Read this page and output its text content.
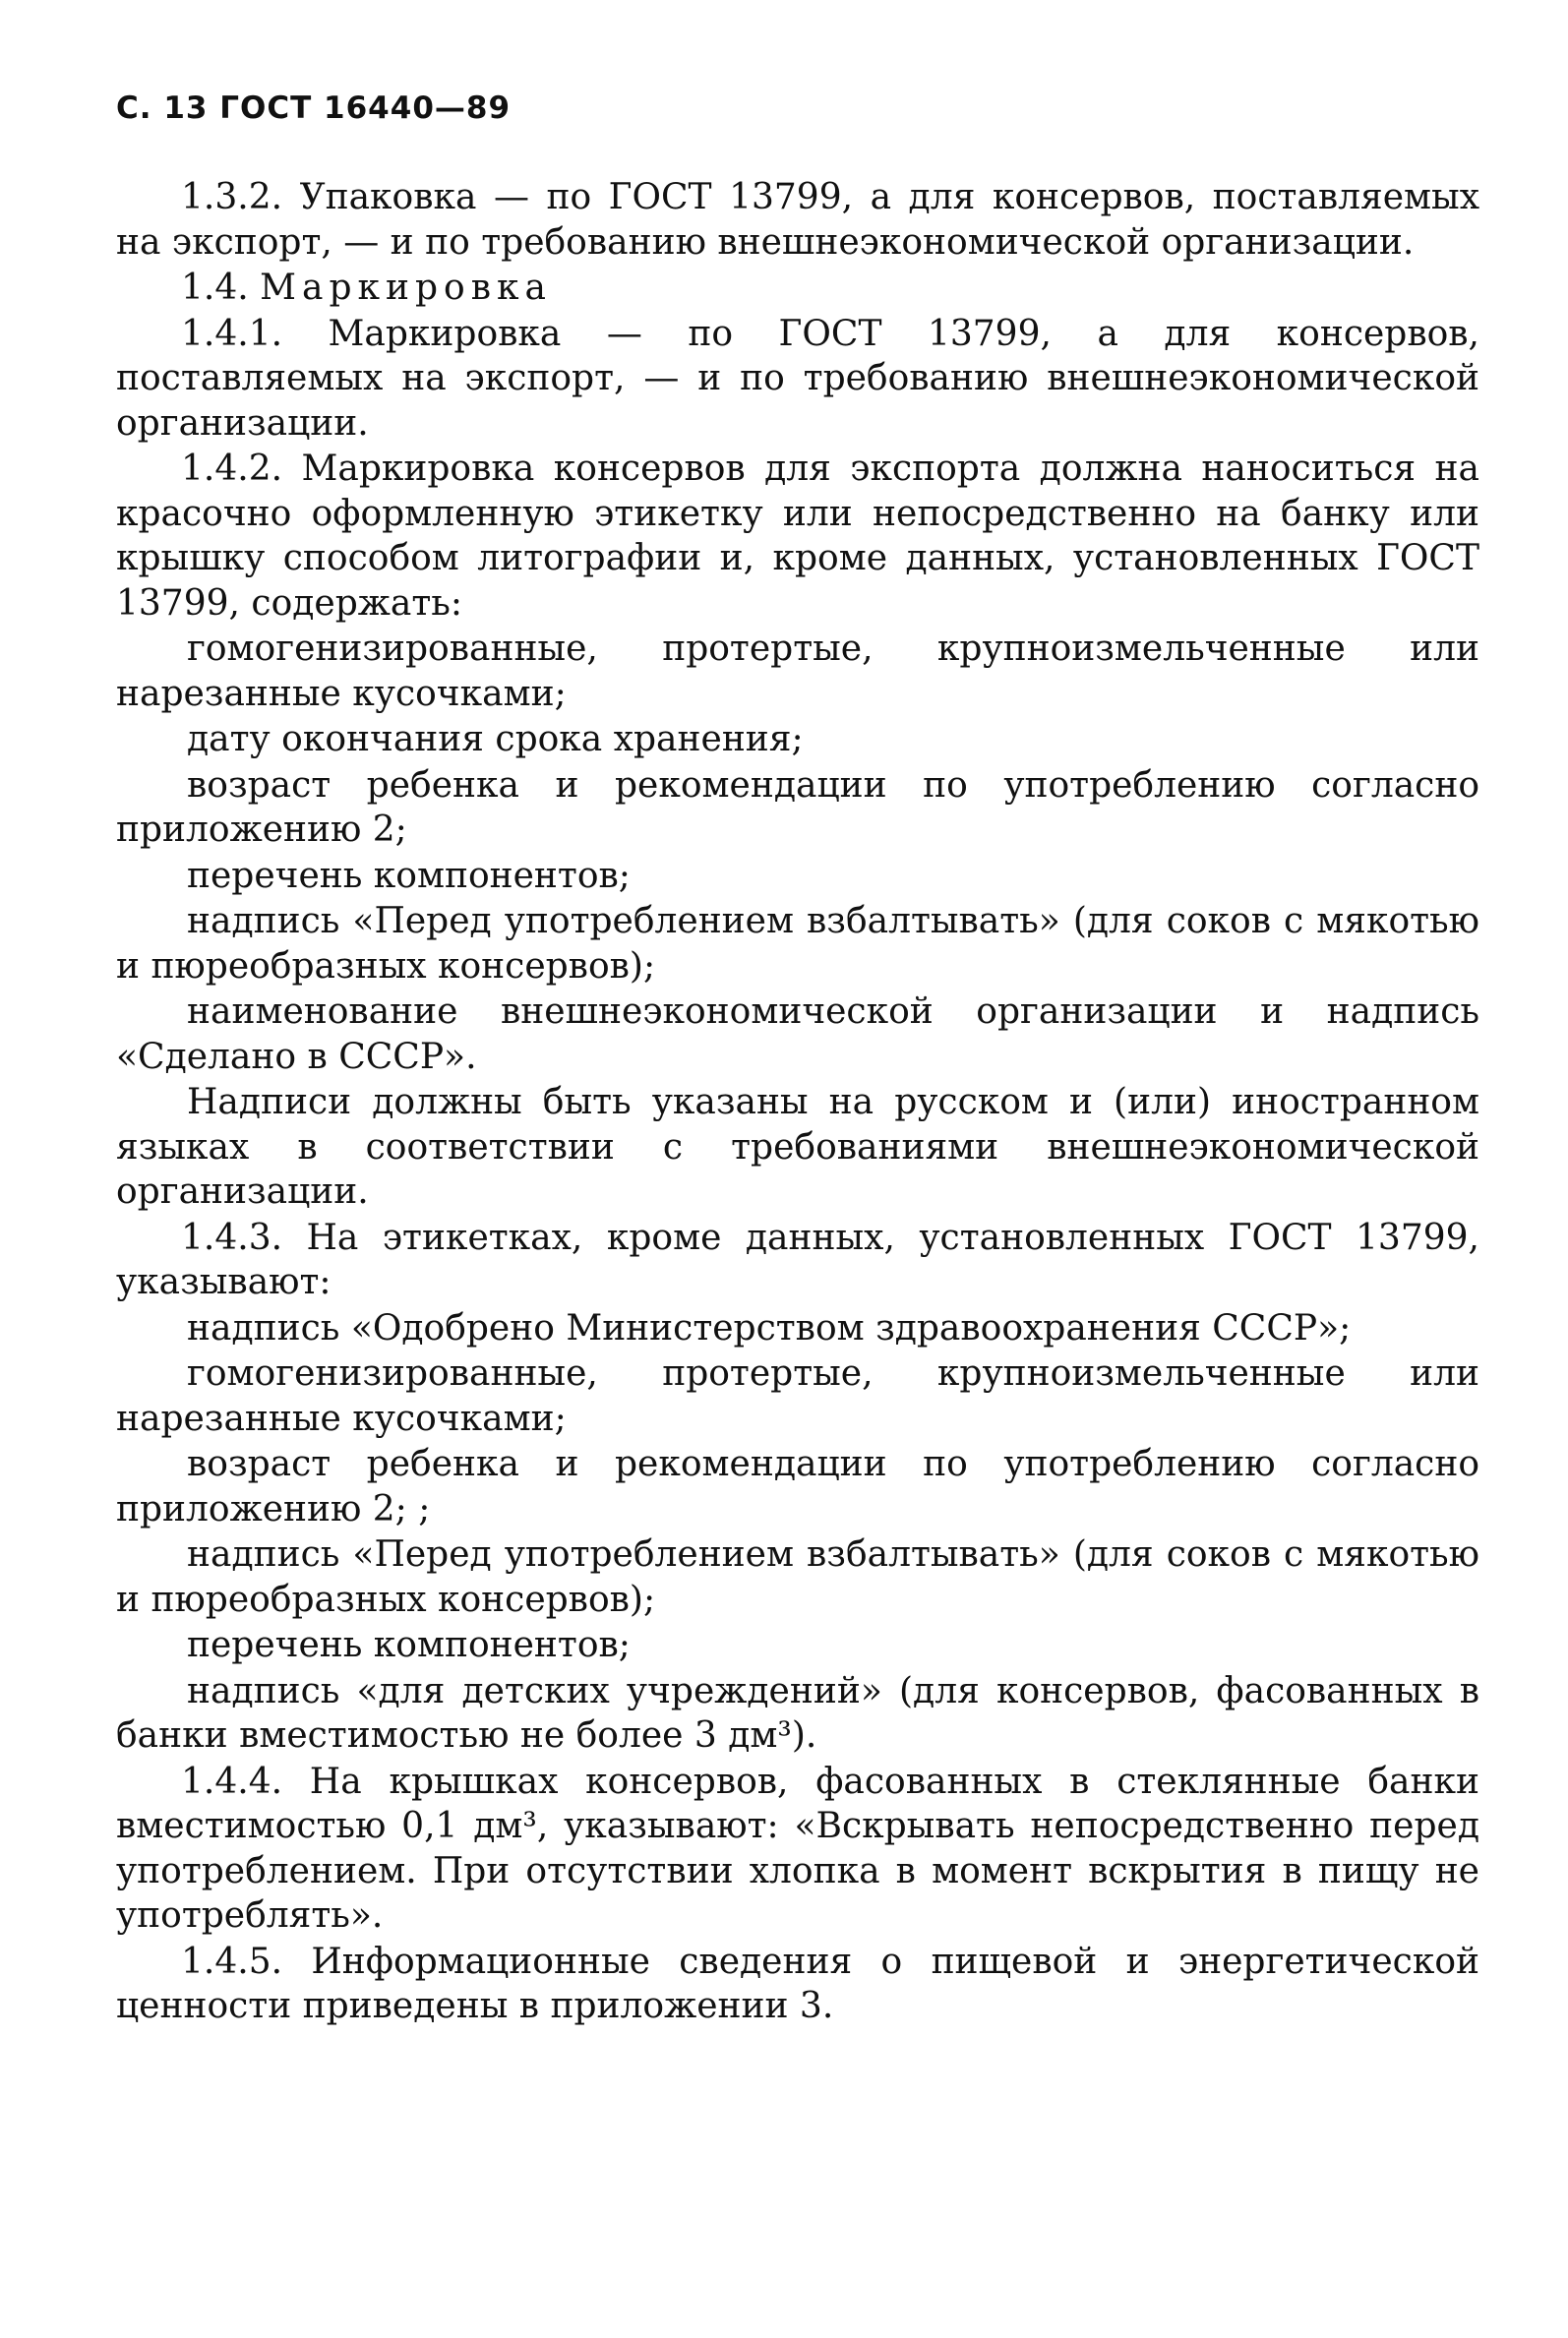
С. 13 ГОСТ 16440—89

1.3.2. Упаковка — по ГОСТ 13799, а для консервов, поставляемых на экспорт, — и по требованию внешнеэкономической организации.

1.4. Маркировка

1.4.1. Маркировка — по ГОСТ 13799, а для консервов, поставляемых на экспорт, — и по требованию внешнеэкономической организации.

1.4.2. Маркировка консервов для экспорта должна наноситься на красочно оформленную этикетку или непосредственно на банку или крышку способом литографии и, кроме данных, установленных ГОСТ 13799, содержать:

гомогенизированные, протертые, крупноизмельченные или нарезанные кусочками;

дату окончания срока хранения;

возраст ребенка и рекомендации по употреблению согласно приложению 2;

перечень компонентов;

надпись «Перед употреблением взбалтывать» (для соков с мякотью и пюреобразных консервов);

наименование внешнеэкономической организации и надпись «Сделано в СССР».

Надписи должны быть указаны на русском и (или) иностранном языках в соответствии с требованиями внешнеэкономической организации.

1.4.3. На этикетках, кроме данных, установленных ГОСТ 13799, указывают:

надпись «Одобрено Министерством здравоохранения СССР»;

гомогенизированные, протертые, крупноизмельченные или нарезанные кусочками;

возраст ребенка и рекомендации по употреблению согласно приложению 2; ;

надпись «Перед употреблением взбалтывать» (для соков с мякотью и пюреобразных консервов);

перечень компонентов;

надпись «для детских учреждений» (для консервов, фасованных в банки вместимостью не более 3 дм³).

1.4.4. На крышках консервов, фасованных в стеклянные банки вместимостью 0,1 дм³, указывают: «Вскрывать непосредственно перед употреблением. При отсутствии хлопка в момент вскрытия в пищу не употреблять».

1.4.5. Информационные сведения о пищевой и энергетической ценности приведены в приложении 3.
